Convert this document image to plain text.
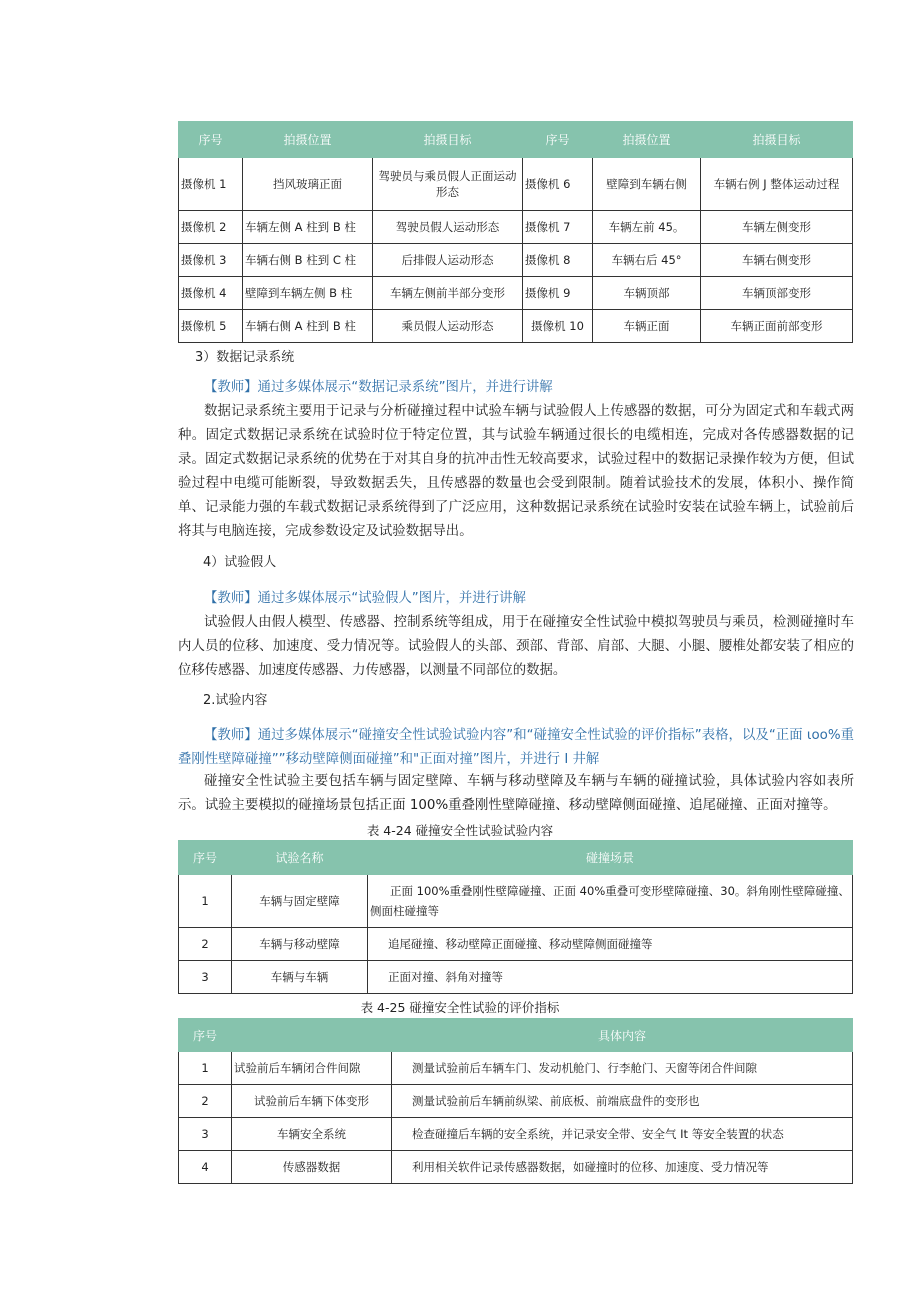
序号	拍摄位置	拍摄目标	序号	拍摄位置	拍摄目标
摄像机 1	挡风玻璃正面	驾驶员与乘员假人正面运动形态	摄像机 6	壁障到车辆右侧	车辆右例 J 整体运动过程
摄像机 2	车辆左侧 A 柱到 B 柱	驾驶员假人运动形态	摄像机 7	车辆左前 45。	车辆左侧变形
摄像机 3	车辆右侧 B 柱到 C 柱	后排假人运动形态	摄像机 8	车辆右后 45°	车辆右侧变形
摄像机 4	壁障到车辆左侧 B 柱	车辆左侧前半部分变形	摄像机 9	车辆顶部	车辆顶部变形
摄像机 5	车辆右侧 A 柱到 B 柱	乘员假人运动形态	摄像机 10	车辆正面	车辆正面前部变形

3）数据记录系统

【教师】通过多媒体展示“数据记录系统”图片，并进行讲解

数据记录系统主要用于记录与分析碰撞过程中试验车辆与试验假人上传感器的数据，可分为固定式和车载式两种。固定式数据记录系统在试验时位于特定位置，其与试验车辆通过很长的电缆相连，完成对各传感器数据的记录。固定式数据记录系统的优势在于对其自身的抗冲击性无较高要求，试验过程中的数据记录操作较为方便，但试验过程中电缆可能断裂，导致数据丢失，且传感器的数量也会受到限制。随着试验技术的发展，体积小、操作简单、记录能力强的车载式数据记录系统得到了广泛应用，这种数据记录系统在试验时安装在试验车辆上，试验前后将其与电脑连接，完成参数设定及试验数据导出。

4）试验假人

【教师】通过多媒体展示“试验假人”图片，并进行讲解

试验假人由假人模型、传感器、控制系统等组成，用于在碰撞安全性试验中模拟驾驶员与乘员，检测碰撞时车内人员的位移、加速度、受力情况等。试验假人的头部、颈部、背部、肩部、大腿、小腿、腰椎处都安装了相应的位移传感器、加速度传感器、力传感器，以测量不同部位的数据。

2.试验内容

【教师】通过多媒体展示“碰撞安全性试验试验内容”和“碰撞安全性试验的评价指标”表格，以及“正面 ιoo%重叠刚性壁障碰撞””移动壁障侧面碰撞”和"正面对撞”图片，并进行 I 井解

碰撞安全性试验主要包括车辆与固定壁障、车辆与移动壁障及车辆与车辆的碰撞试验，具体试验内容如表所示。试验主要模拟的碰撞场景包括正面 100%重叠刚性壁障碰撞、移动壁障侧面碰撞、追尾碰撞、正面对撞等。

表 4-24 碰撞安全性试验试验内容

序号	试验名称	碰撞场景
1	车辆与固定壁障	正面 100%重叠刚性壁障碰撞、正面 40%重叠可变形壁障碰撞、30。斜角刚性壁障碰撞、侧面柱碰撞等
2	车辆与移动壁障	追尾碰撞、移动壁障正面碰撞、移动壁障侧面碰撞等
3	车辆与车辆	正面对撞、斜角对撞等

表 4-25 碰撞安全性试验的评价指标

序号		具体内容
1	试验前后车辆闭合件间隙	测量试验前后车辆车门、发动机舱门、行李舱门、天窗等闭合件间隙
2	试验前后车辆下体变形	测量试验前后车辆前纵梁、前底板、前端底盘件的变形也
3	车辆安全系统	检查碰撞后车辆的安全系统，并记录安全带、安全气 It 等安全装置的状态
4	传感器数据	利用相关软件记录传感器数据，如碰撞时的位移、加速度、受力情况等
